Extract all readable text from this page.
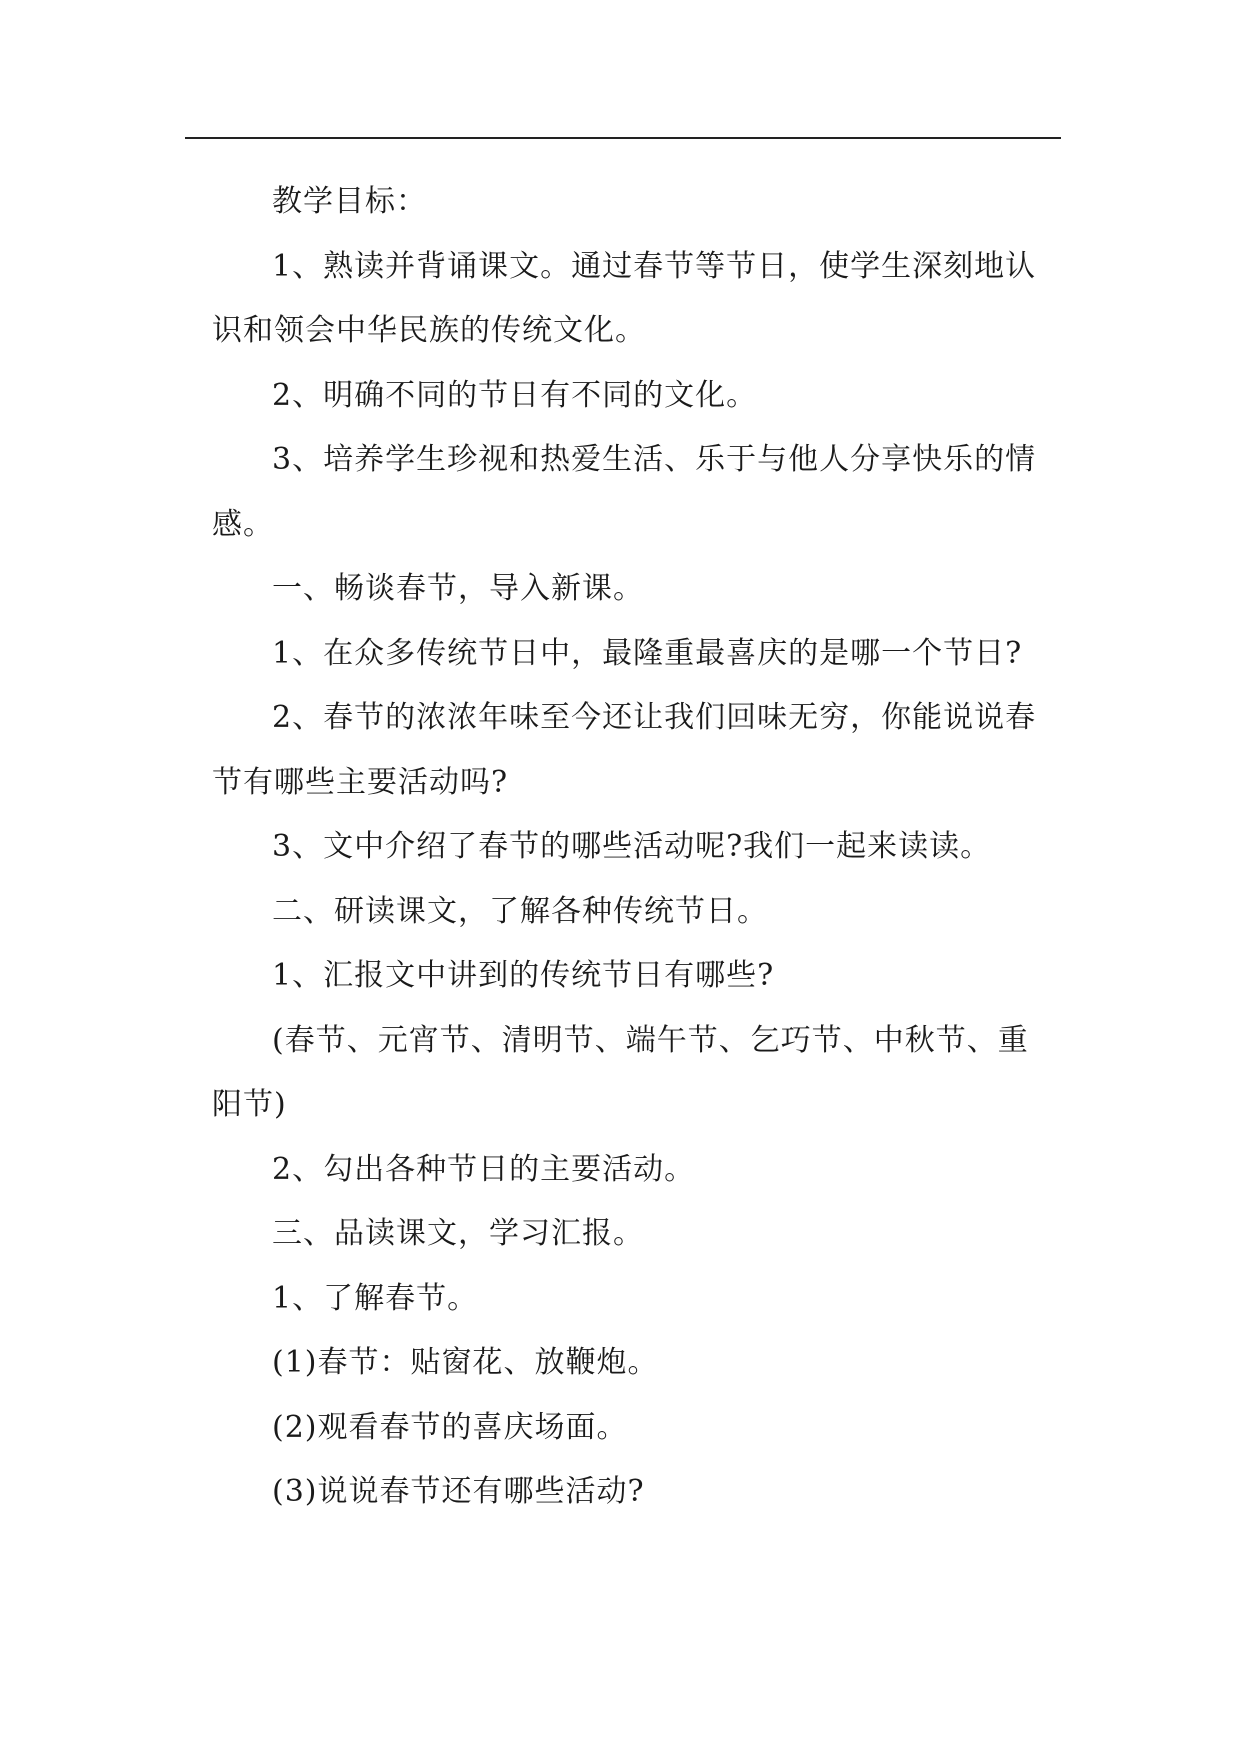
教学目标：

1、熟读并背诵课文。通过春节等节日，使学生深刻地认识和领会中华民族的传统文化。

2、明确不同的节日有不同的文化。

3、培养学生珍视和热爱生活、乐于与他人分享快乐的情感。

一、畅谈春节，导入新课。

1、在众多传统节日中，最隆重最喜庆的是哪一个节日?

2、春节的浓浓年味至今还让我们回味无穷，你能说说春节有哪些主要活动吗?

3、文中介绍了春节的哪些活动呢?我们一起来读读。

二、研读课文，了解各种传统节日。

1、汇报文中讲到的传统节日有哪些?

(春节、元宵节、清明节、端午节、乞巧节、中秋节、重阳节)

2、勾出各种节日的主要活动。

三、品读课文，学习汇报。

1、了解春节。

(1)春节：贴窗花、放鞭炮。

(2)观看春节的喜庆场面。

(3)说说春节还有哪些活动?
